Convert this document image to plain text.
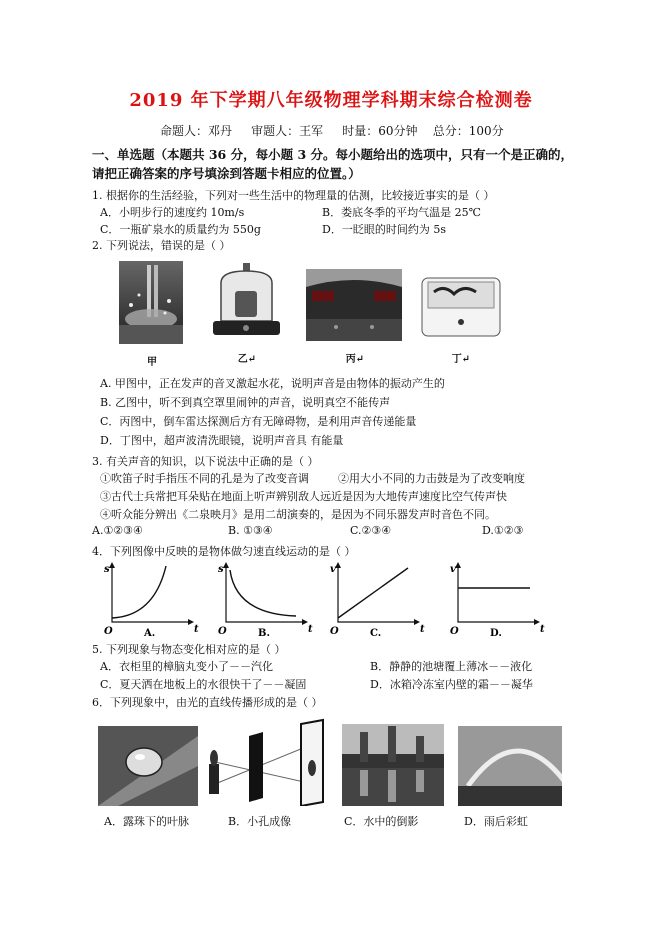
2019 年下学期八年级物理学科期末综合检测卷
命题人：邓丹 审题人：王军 时量：60分钟 总分：100分
一、单选题（本题共 36 分，每小题 3 分。每小题给出的选项中，只有一个是正确的，
请把正确答案的序号填涂到答题卡相应的位置。）
1. 根据你的生活经验，下列对一些生活中的物理量的估测，比较接近事实的是（ ）
A．小明步行的速度约 10m/s	B．娄底冬季的平均气温是 25℃
C．一瓶矿泉水的质量约为 550g	D．一眨眼的时间约为 5s
2. 下列说法，错误的是（ ）
甲	乙↵	丙↵	丁↵
A. 甲图中，正在发声的音叉激起水花，说明声音是由物体的振动产生的
B. 乙图中，听不到真空罩里闹钟的声音，说明真空不能传声
C．丙图中，倒车雷达探测后方有无障碍物，是利用声音传递能量
D．丁图中，超声波清洗眼镜，说明声音具 有能量
3. 有关声音的知识，以下说法中正确的是（ ）
①吹笛子时手指压不同的孔是为了改变音调	②用大小不同的力击鼓是为了改变响度
③古代士兵常把耳朵贴在地面上听声辨别敌人远近是因为大地传声速度比空气传声快
④听众能分辨出《二泉映月》是用二胡演奏的，是因为不同乐器发声时音色不同。
A.①②③④	B. ①③④	C.②③④	D.①②③
4．下列图像中反映的是物体做匀速直线运动的是（ ）
s
t
O	A.
s
t
O	B.
v
t
O	C.
v
t
O	D.
5. 下列现象与物态变化相对应的是（ ）
A．衣柜里的樟脑丸变小了－－汽化	B．静静的池塘覆上薄冰－－液化
C．夏天洒在地板上的水很快干了－－凝固	D．冰箱冷冻室内壁的霜－－凝华
6．下列现象中，由光的直线传播形成的是（ ）
A．露珠下的叶脉	B．小孔成像	C．水中的倒影	D．雨后彩虹
